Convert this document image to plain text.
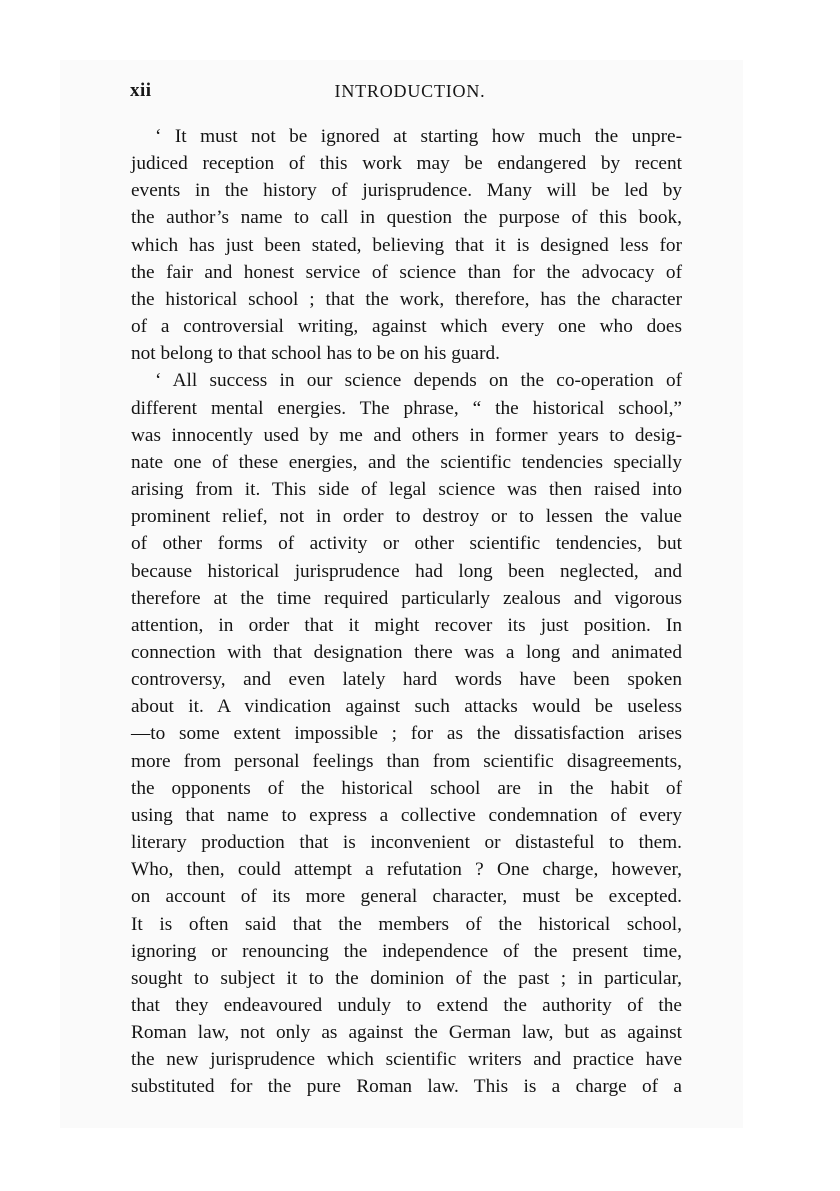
xii	INTRODUCTION.
‘ It must not be ignored at starting how much the unpre-
judiced reception of this work may be endangered by recent
events in the history of jurisprudence. Many will be led by
the author’s name to call in question the purpose of this book,
which has just been stated, believing that it is designed less for
the fair and honest service of science than for the advocacy of
the historical school ; that the work, therefore, has the character
of a controversial writing, against which every one who does
not belong to that school has to be on his guard.
‘ All success in our science depends on the co-operation of
different mental energies. The phrase, “ the historical school,”
was innocently used by me and others in former years to desig-
nate one of these energies, and the scientific tendencies specially
arising from it. This side of legal science was then raised into
prominent relief, not in order to destroy or to lessen the value
of other forms of activity or other scientific tendencies, but
because historical jurisprudence had long been neglected, and
therefore at the time required particularly zealous and vigorous
attention, in order that it might recover its just position. In
connection with that designation there was a long and animated
controversy, and even lately hard words have been spoken
about it. A vindication against such attacks would be useless
—to some extent impossible ; for as the dissatisfaction arises
more from personal feelings than from scientific disagreements,
the opponents of the historical school are in the habit of
using that name to express a collective condemnation of every
literary production that is inconvenient or distasteful to them.
Who, then, could attempt a refutation ? One charge, however,
on account of its more general character, must be excepted.
It is often said that the members of the historical school,
ignoring or renouncing the independence of the present time,
sought to subject it to the dominion of the past ; in particular,
that they endeavoured unduly to extend the authority of the
Roman law, not only as against the German law, but as against
the new jurisprudence which scientific writers and practice have
substituted for the pure Roman law. This is a charge of a
